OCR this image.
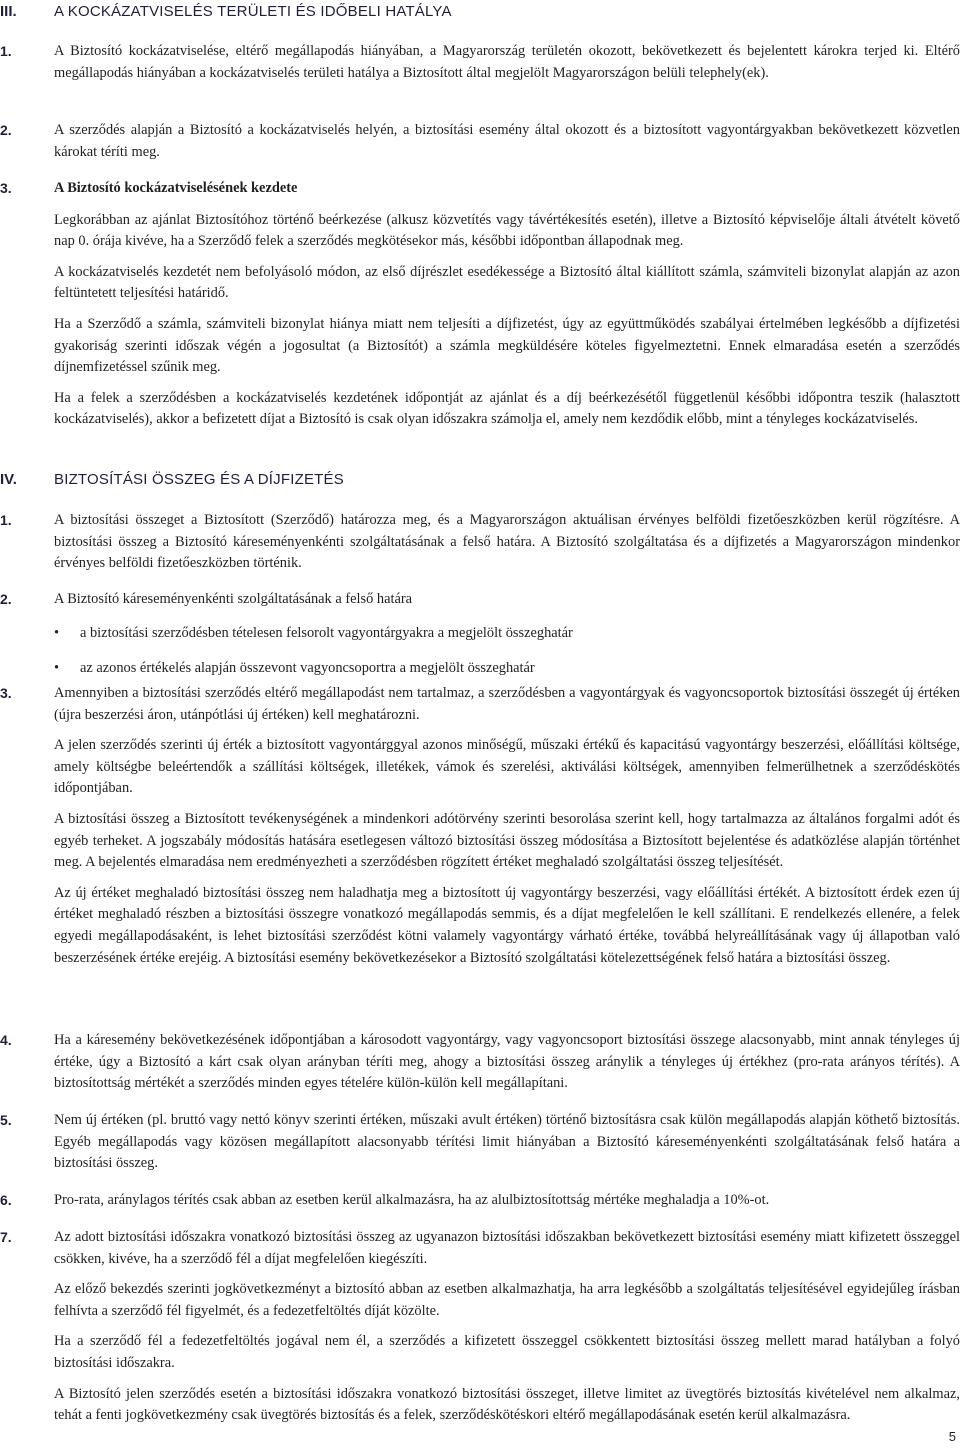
III. A KOCKÁZATVISELÉS TERÜLETI ÉS IDŐBELI HATÁLYA
1.	A Biztosító kockázatviselése, eltérő megállapodás hiányában, a Magyarország területén okozott, bekövetkezett és bejelentett károkra terjed ki. Eltérő megállapodás hiányában a kockázatviselés területi hatálya a Biztosított által megjelölt Magyarországon belüli telephely(ek).

2.	A szerződés alapján a Biztosító a kockázatviselés helyén, a biztosítási esemény által okozott és a biztosított vagyontárgyakban bekövetkezett közvetlen károkat téríti meg.

3.	A Biztosító kockázatviselésének kezdete

Legkorábban az ajánlat Biztosítóhoz történő beérkezése (alkusz közvetítés vagy távértékesítés esetén), illetve a Biztosító képviselője általi átvételt követő nap 0. órája kivéve, ha a Szerződő felek a szerződés megkötésekor más, későbbi időpontban állapodnak meg.

A kockázatviselés kezdetét nem befolyásoló módon, az első díjrészlet esedékessége a Biztosító által kiállított számla, számviteli bizonylat alapján az azon feltüntetett teljesítési határidő.

Ha a Szerződő a számla, számviteli bizonylat hiánya miatt nem teljesíti a díjfizetést, úgy az együttműködés szabályai értelmében legkésőbb a díjfizetési gyakoriság szerinti időszak végén a jogosultat (a Biztosítót) a számla megküldésére köteles figyelmeztetni. Ennek elmaradása esetén a szerződés díjnemfizetéssel szűnik meg.

Ha a felek a szerződésben a kockázatviselés kezdetének időpontját az ajánlat és a díj beérkezésétől függetlenül későbbi időpontra teszik (halasztott kockázatviselés), akkor a befizetett díjat a Biztosító is csak olyan időszakra számolja el, amely nem kezdődik előbb, mint a tényleges kockázatviselés.

IV. BIZTOSÍTÁSI ÖSSZEG ÉS A DÍJFIZETÉS
1.	A biztosítási összeget a Biztosított (Szerződő) határozza meg, és a Magyarországon aktuálisan érvényes belföldi fizetőeszközben kerül rögzítésre. A biztosítási összeg a Biztosító káreseményenkénti szolgáltatásának a felső határa. A Biztosító szolgáltatása és a díjfizetés a Magyarországon mindenkor érvényes belföldi fizetőeszközben történik.

2.	A Biztosító káreseményenkénti szolgáltatásának a felső határa

• a biztosítási szerződésben tételesen felsorolt vagyontárgyakra a megjelölt összeghatár
• az azonos értékelés alapján összevont vagyoncsoportra a megjelölt összeghatár
3.	Amennyiben a biztosítási szerződés eltérő megállapodást nem tartalmaz, a szerződésben a vagyontárgyak és vagyoncsoportok biztosítási összegét új értéken (újra beszerzési áron, utánpótlási új értéken) kell meghatározni.

A jelen szerződés szerinti új érték a biztosított vagyontárggyal azonos minőségű, műszaki értékű és kapacitású vagyontárgy beszerzési, előállítási költsége, amely költségbe beleértendők a szállítási költségek, illetékek, vámok és szerelési, aktiválási költségek, amennyiben felmerülhetnek a szerződéskötés időpontjában.

A biztosítási összeg a Biztosított tevékenységének a mindenkori adótörvény szerinti besorolása szerint kell, hogy tartalmazza az általános forgalmi adót és egyéb terheket. A jogszabály módosítás hatására esetlegesen változó biztosítási összeg módosítása a Biztosított bejelentése és adatközlése alapján történhet meg. A bejelentés elmaradása nem eredményezheti a szerződésben rögzített értéket meghaladó szolgáltatási összeg teljesítését.

Az új értéket meghaladó biztosítási összeg nem haladhatja meg a biztosított új vagyontárgy beszerzési, vagy előállítási értékét. A biztosított érdek ezen új értéket meghaladó részben a biztosítási összegre vonatkozó megállapodás semmis, és a díjat megfelelően le kell szállítani. E rendelkezés ellenére, a felek egyedi megállapodásaként, is lehet biztosítási szerződést kötni valamely vagyontárgy várható értéke, továbbá helyreállításának vagy új állapotban való beszerzésének értéke erejéig. A biztosítási esemény bekövetkezésekor a Biztosító szolgáltatási kötelezettségének felső határa a biztosítási összeg.

4.	Ha a káresemény bekövetkezésének időpontjában a károsodott vagyontárgy, vagy vagyoncsoport biztosítási összege alacsonyabb, mint annak tényleges új értéke, úgy a Biztosító a kárt csak olyan arányban téríti meg, ahogy a biztosítási összeg aránylik a tényleges új értékhez (pro-rata arányos térítés). A biztosítottság mértékét a szerződés minden egyes tételére külön-külön kell megállapítani.

5.	Nem új értéken (pl. bruttó vagy nettó könyv szerinti értéken, műszaki avult értéken) történő biztosításra csak külön megállapodás alapján köthető biztosítás. Egyéb megállapodás vagy közösen megállapított alacsonyabb térítési limit hiányában a Biztosító káreseményenkénti szolgáltatásának felső határa a biztosítási összeg.

6.	Pro-rata, aránylagos térítés csak abban az esetben kerül alkalmazásra, ha az alulbiztosítottság mértéke meghaladja a 10%-ot.

7.	Az adott biztosítási időszakra vonatkozó biztosítási összeg az ugyanazon biztosítási időszakban bekövetkezett biztosítási esemény miatt kifizetett összeggel csökken, kivéve, ha a szerződő fél a díjat megfelelően kiegészíti.

Az előző bekezdés szerinti jogkövetkezményt a biztosító abban az esetben alkalmazhatja, ha arra legkésőbb a szolgáltatás teljesítésével egyidejűleg írásban felhívta a szerződő fél figyelmét, és a fedezetfeltöltés díját közölte.

Ha a szerződő fél a fedezetfeltöltés jogával nem él, a szerződés a kifizetett összeggel csökkentett biztosítási összeg mellett marad hatályban a folyó biztosítási időszakra.

A Biztosító jelen szerződés esetén a biztosítási időszakra vonatkozó biztosítási összeget, illetve limitet az üvegtörés biztosítás kivételével nem alkalmaz, tehát a fenti jogkövetkezmény csak üvegtörés biztosítás és a felek, szerződéskötéskori eltérő megállapodásának esetén kerül alkalmazásra.

5
